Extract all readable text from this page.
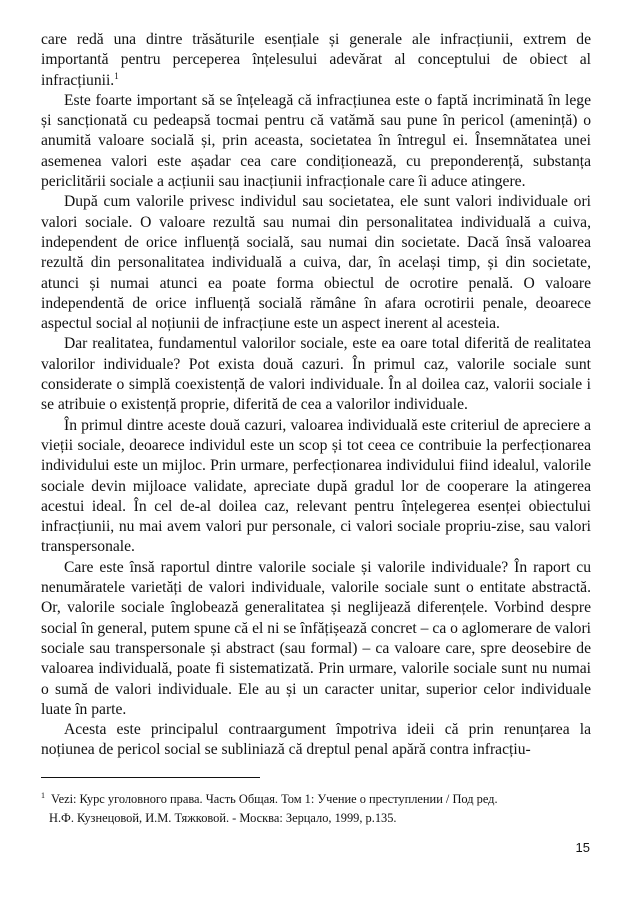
care redă una dintre trăsăturile esențiale și generale ale infracțiunii, extrem de importantă pentru perceperea înțelesului adevărat al conceptului de obiect al infracțiunii.$^1$

Este foarte important să se înțeleagă că infracțiunea este o faptă incriminată în lege și sancționată cu pedeapsă tocmai pentru că vatămă sau pune în pericol (amenință) o anumită valoare socială și, prin aceasta, societatea în întregul ei. Însemnătatea unei asemenea valori este așadar cea care condiționează, cu preponderență, substanța periclitării sociale a acțiunii sau inacțiunii infracționale care îi aduce atingere.

După cum valorile privesc individul sau societatea, ele sunt valori individuale ori valori sociale. O valoare rezultă sau numai din personalitatea individuală a cuiva, independent de orice influență socială, sau numai din societate. Dacă însă valoarea rezultă din personalitatea individuală a cuiva, dar, în același timp, și din societate, atunci și numai atunci ea poate forma obiectul de ocrotire penală. O valoare independentă de orice influență socială rămâne în afara ocrotirii penale, deoarece aspectul social al noțiunii de infracțiune este un aspect inerent al acesteia.

Dar realitatea, fundamentul valorilor sociale, este ea oare total diferită de realitatea valorilor individuale? Pot exista două cazuri. În primul caz, valorile sociale sunt considerate o simplă coexistență de valori individuale. În al doilea caz, valorii sociale i se atribuie o existență proprie, diferită de cea a valorilor individuale.

În primul dintre aceste două cazuri, valoarea individuală este criteriul de apreciere a vieții sociale, deoarece individul este un scop și tot ceea ce contribuie la perfecționarea individului este un mijloc. Prin urmare, perfecționarea individului fiind idealul, valorile sociale devin mijloace validate, apreciate după gradul lor de cooperare la atingerea acestui ideal. În cel de-al doilea caz, relevant pentru înțelegerea esenței obiectului infracțiunii, nu mai avem valori pur personale, ci valori sociale propriu-zise, sau valori transpersonale.

Care este însă raportul dintre valorile sociale și valorile individuale? În raport cu nenumăratele varietăți de valori individuale, valorile sociale sunt o entitate abstractă. Or, valorile sociale înglobează generalitatea și neglijează diferențele. Vorbind despre social în general, putem spune că el ni se înfățișează concret – ca o aglomerare de valori sociale sau transpersonale și abstract (sau formal) – ca valoare care, spre deosebire de valoarea individuală, poate fi sistematizată. Prin urmare, valorile sociale sunt nu numai o sumă de valori individuale. Ele au și un caracter unitar, superior celor individuale luate în parte.

Acesta este principalul contraargument împotriva ideii că prin renunțarea la noțiunea de pericol social se subliniază că dreptul penal apără contra infracțiu-

$^1$ Vezi: Курс уголовного права. Часть Общая. Том 1: Учение о преступлении / Под ред.
Н.Ф. Кузнецовой, И.М. Тяжковой. - Москва: Зерцало, 1999, p.135.
15
